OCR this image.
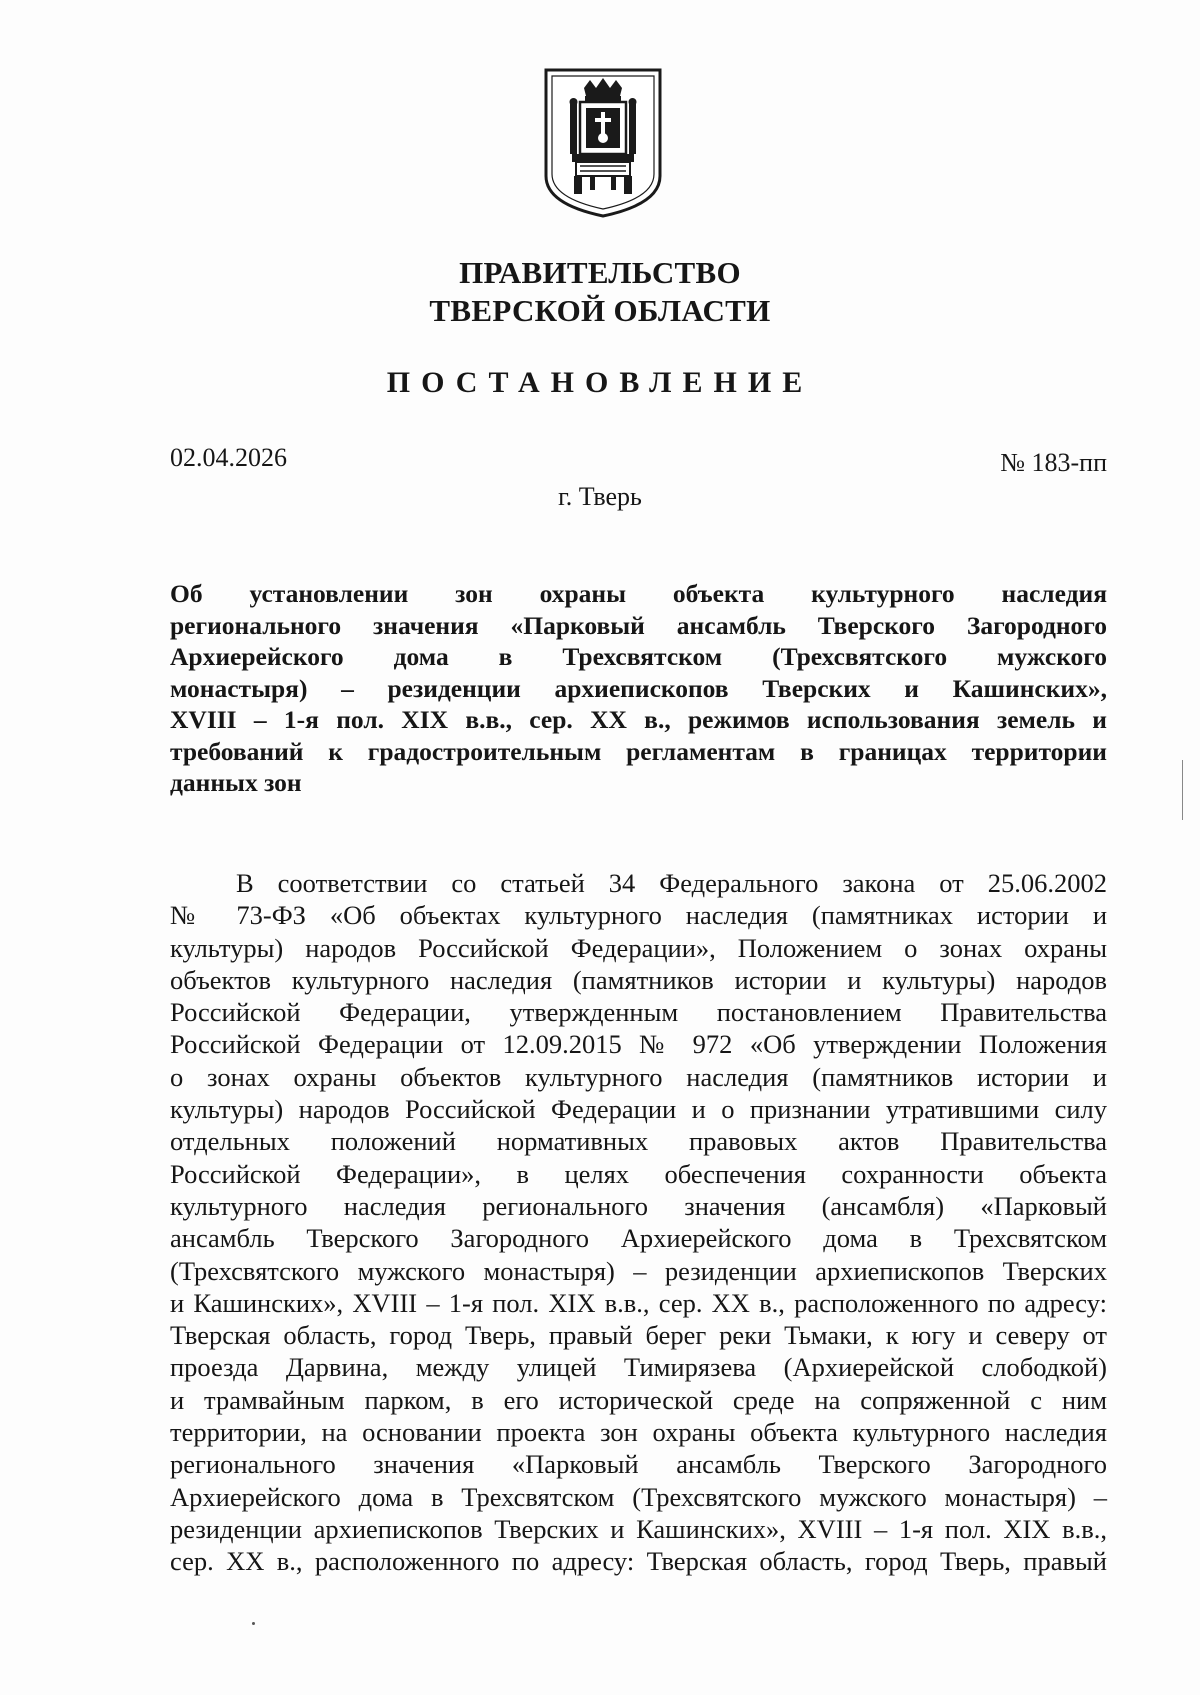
ПРАВИТЕЛЬСТВО
ТВЕРСКОЙ ОБЛАСТИ
ПОСТАНОВЛЕНИЕ
02.04.2026	№ 183-пп
г. Тверь
Об установлении зон охраны объекта культурного наследия
регионального значения «Парковый ансамбль Тверского Загородного
Архиерейского дома в Трехсвятском (Трехсвятского мужского
монастыря) – резиденции архиепископов Тверских и Кашинских»,
XVIII – 1-я пол. XIX в.в., сер. XX в., режимов использования земель и
требований к градостроительным регламентам в границах территории
данных зон
В соответствии со статьей 34 Федерального закона от 25.06.2002
№ 73-ФЗ «Об объектах культурного наследия (памятниках истории и
культуры) народов Российской Федерации», Положением о зонах охраны
объектов культурного наследия (памятников истории и культуры) народов
Российской Федерации, утвержденным постановлением Правительства
Российской Федерации от 12.09.2015 № 972 «Об утверждении Положения
о зонах охраны объектов культурного наследия (памятников истории и
культуры) народов Российской Федерации и о признании утратившими силу
отдельных положений нормативных правовых актов Правительства
Российской Федерации», в целях обеспечения сохранности объекта
культурного наследия регионального значения (ансамбля) «Парковый
ансамбль Тверского Загородного Архиерейского дома в Трехсвятском
(Трехсвятского мужского монастыря) – резиденции архиепископов Тверских
и Кашинских», XVIII – 1-я пол. XIX в.в., сер. XX в., расположенного по адресу:
Тверская область, город Тверь, правый берег реки Тьмаки, к югу и северу от
проезда Дарвина, между улицей Тимирязева (Архиерейской слободкой)
и трамвайным парком, в его исторической среде на сопряженной с ним
территории, на основании проекта зон охраны объекта культурного наследия
регионального значения «Парковый ансамбль Тверского Загородного
Архиерейского дома в Трехсвятском (Трехсвятского мужского монастыря) –
резиденции архиепископов Тверских и Кашинских», XVIII – 1-я пол. XIX в.в.,
сер. XX в., расположенного по адресу: Тверская область, город Тверь, правый
